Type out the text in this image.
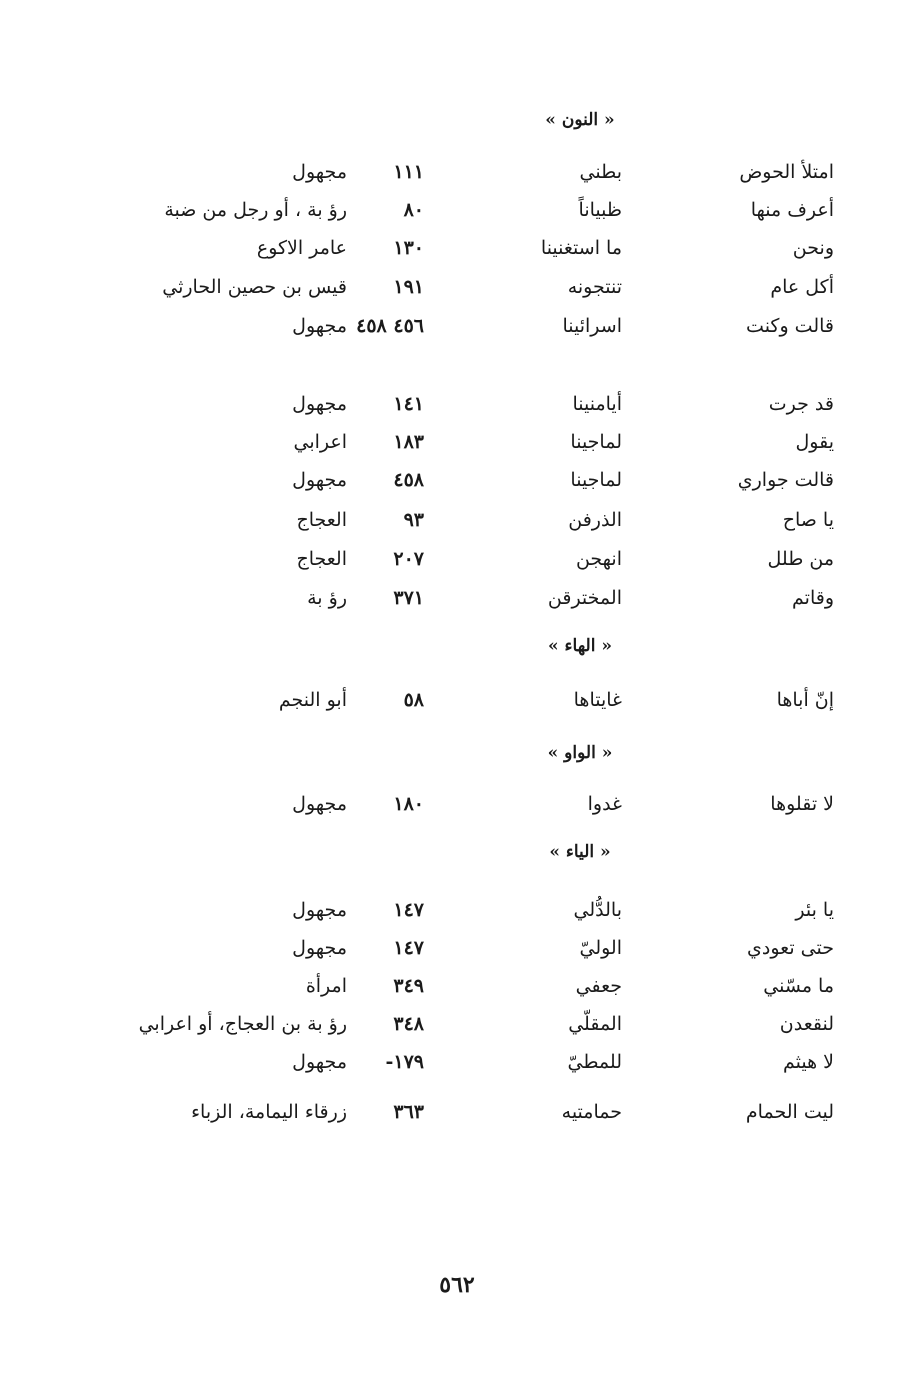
« النون »
امتلأ الحوض
بطني
١١١
مجهول
أعرف منها
ظبياناً
٨٠
رؤ بة ، أو رجل من ضبة
ونحن
ما استغنينا
١٣٠
عامر الاكوع
أكل عام
تنتجونه
١٩١
قيس بن حصين الحارثي
قالت وكنت
اسرائينا
٤٥٦ ٤٥٨
مجهول
قد جرت
أيامنينا
١٤١
مجهول
يقول
لماجينا
١٨٣
اعرابي
قالت جواري
لماجينا
٤٥٨
مجهول
يا صاح
الذرفن
٩٣
العجاج
من طلل
انهجن
٢٠٧
العجاج
وقاتم
المخترقن
٣٧١
رؤ بة
« الهاء »
إنّ أباها
غايتاها
٥٨
أبو النجم
« الواو »
لا تقلوها
غدوا
١٨٠
مجهول
« الياء »
يا بئر
بالدُّلي
١٤٧
مجهول
حتى تعودي
الوليّ
١٤٧
مجهول
ما مسّني
جعفي
٣٤٩
امرأة
لنقعدن
المقلّي
٣٤٨
رؤ بة بن العجاج، أو اعرابي
لا هيثم
للمطيّ
١٧٩-
مجهول
ليت الحمام
حمامتيه
٣٦٣
زرقاء اليمامة، الزباء
٥٦٢
